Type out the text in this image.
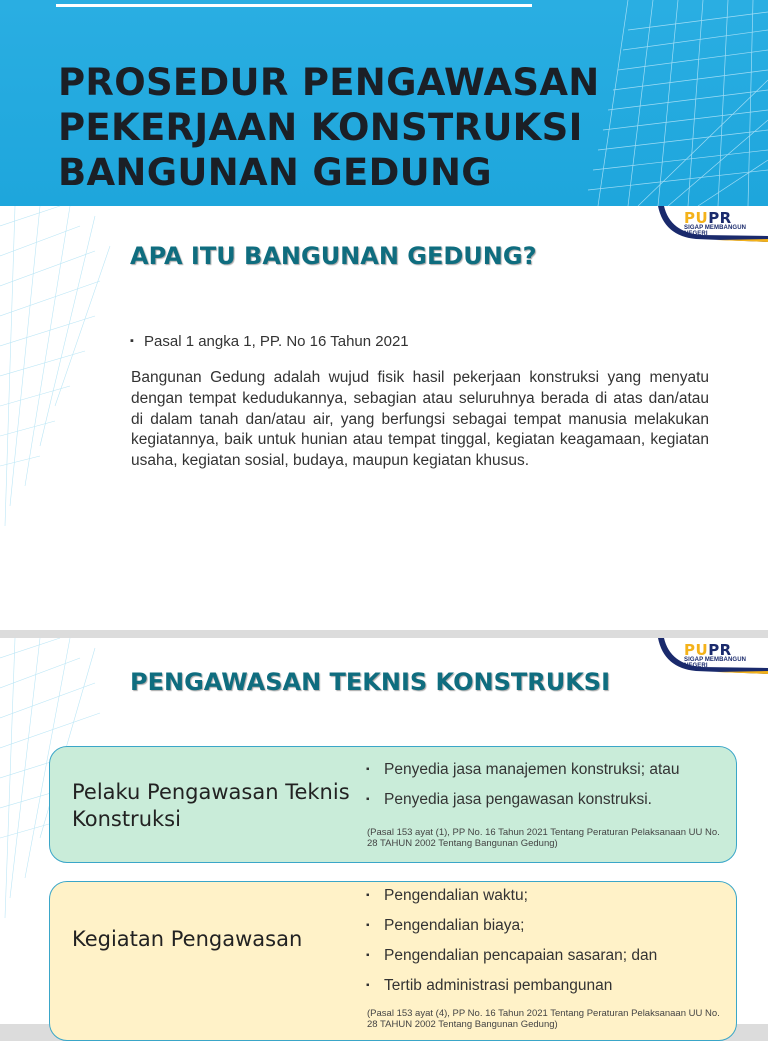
PROSEDUR PENGAWASAN
PEKERJAAN KONSTRUKSI
BANGUNAN GEDUNG
PUPR
SIGAP MEMBANGUN NEGERI
APA ITU BANGUNAN GEDUNG?
▪ Pasal 1 angka 1, PP. No 16 Tahun 2021

Bangunan Gedung adalah wujud fisik hasil pekerjaan konstruksi yang menyatu dengan tempat kedudukannya, sebagian atau seluruhnya berada di atas dan/atau di dalam tanah dan/atau air, yang berfungsi sebagai tempat manusia melakukan kegiatannya, baik untuk hunian atau tempat tinggal, kegiatan keagamaan, kegiatan usaha, kegiatan sosial, budaya, maupun kegiatan khusus.

PUPR
SIGAP MEMBANGUN NEGERI
PENGAWASAN TEKNIS KONSTRUKSI
Pelaku Pengawasan Teknis Konstruksi
▪ Penyedia jasa manajemen konstruksi; atau
▪ Penyedia jasa pengawasan konstruksi.
(Pasal 153 ayat (1), PP No. 16 Tahun 2021 Tentang Peraturan Pelaksanaan UU No. 28 TAHUN 2002 Tentang Bangunan Gedung)
Kegiatan Pengawasan
▪ Pengendalian waktu;
▪ Pengendalian biaya;
▪ Pengendalian pencapaian sasaran; dan
▪ Tertib administrasi pembangunan
(Pasal 153 ayat (4), PP No. 16 Tahun 2021 Tentang Peraturan Pelaksanaan UU No. 28 TAHUN 2002 Tentang Bangunan Gedung)
